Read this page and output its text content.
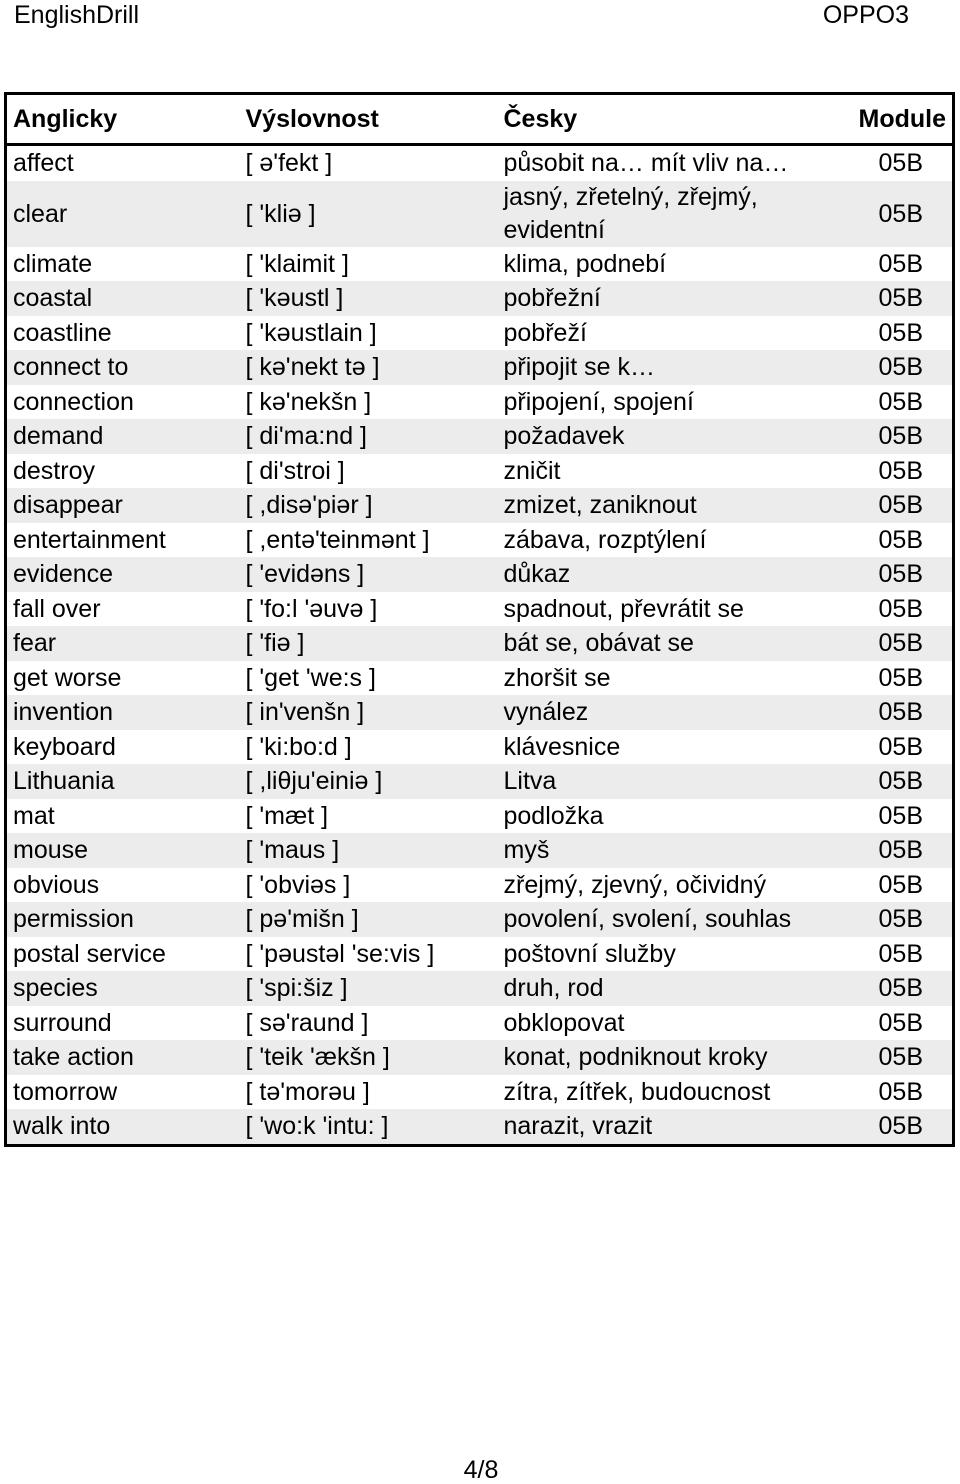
EnglishDrill	OPPO3
Anglicky	Výslovnost	Česky	Module
affect	[ ə'fekt ]	působit na… mít vliv na…	05B
clear	[ 'kliə ]	jasný, zřetelný, zřejmý, evidentní	05B
climate	[ 'klaimit ]	klima, podnebí	05B
coastal	[ 'kəustl ]	pobřežní	05B
coastline	[ 'kəustlain ]	pobřeží	05B
connect to	[ kə'nekt tə ]	připojit se k…	05B
connection	[ kə'nekšn ]	připojení, spojení	05B
demand	[ di'ma:nd ]	požadavek	05B
destroy	[ di'stroi ]	zničit	05B
disappear	[ ,disə'piər ]	zmizet, zaniknout	05B
entertainment	[ ,entə'teinmənt ]	zábava, rozptýlení	05B
evidence	[ 'evidəns ]	důkaz	05B
fall over	[ 'fo:l 'əuvə ]	spadnout, převrátit se	05B
fear	[ 'fiə ]	bát se, obávat se	05B
get worse	[ 'get 'we:s ]	zhoršit se	05B
invention	[ in'venšn ]	vynález	05B
keyboard	[ 'ki:bo:d ]	klávesnice	05B
Lithuania	[ ,liθju'einiə ]	Litva	05B
mat	[ 'mæt ]	podložka	05B
mouse	[ 'maus ]	myš	05B
obvious	[ 'obviəs ]	zřejmý, zjevný, očividný	05B
permission	[ pə'mišn ]	povolení, svolení, souhlas	05B
postal service	[ 'pəustəl 'se:vis ]	poštovní služby	05B
species	[ 'spi:šiz ]	druh, rod	05B
surround	[ sə'raund ]	obklopovat	05B
take action	[ 'teik 'ækšn ]	konat, podniknout kroky	05B
tomorrow	[ tə'morəu ]	zítra, zítřek, budoucnost	05B
walk into	[ 'wo:k 'intu: ]	narazit, vrazit	05B
4/8
